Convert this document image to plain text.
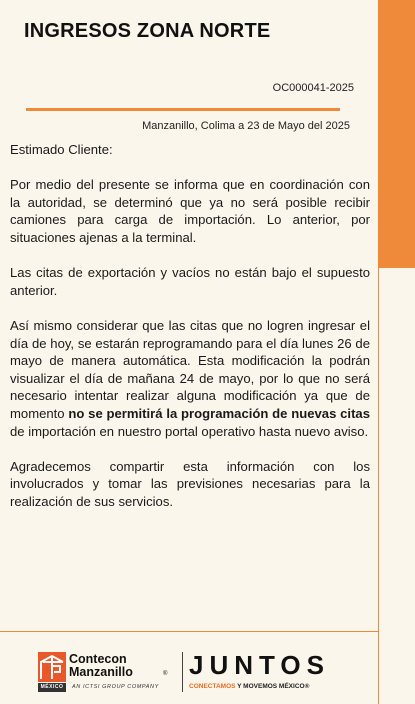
INGRESOS ZONA NORTE
OC000041-2025
Manzanillo, Colima a 23 de Mayo del 2025

Estimado Cliente:

Por medio del presente se informa que en coordinación con la autoridad, se determinó que ya no será posible recibir camiones para carga de importación. Lo anterior, por situaciones ajenas a la terminal.

Las citas de exportación y vacíos no están bajo el supuesto anterior.

Así mismo considerar que las citas que no logren ingresar el día de hoy, se estarán reprogramando para el día lunes 26 de mayo de manera automática. Esta modificación la podrán visualizar el día de mañana 24 de mayo, por lo que no será necesario intentar realizar alguna modificación ya que de momento no se permitirá la programación de nuevas citas de importación en nuestro portal operativo hasta nuevo aviso.

Agradecemos compartir esta información con los involucrados y tomar las previsiones necesarias para la realización de sus servicios.

MÉXICO
Contecon
Manzanillo	®
AN ICTSI GROUP COMPANY
JUNTOS
CONECTAMOS Y MOVEMOS MÉXICO®
